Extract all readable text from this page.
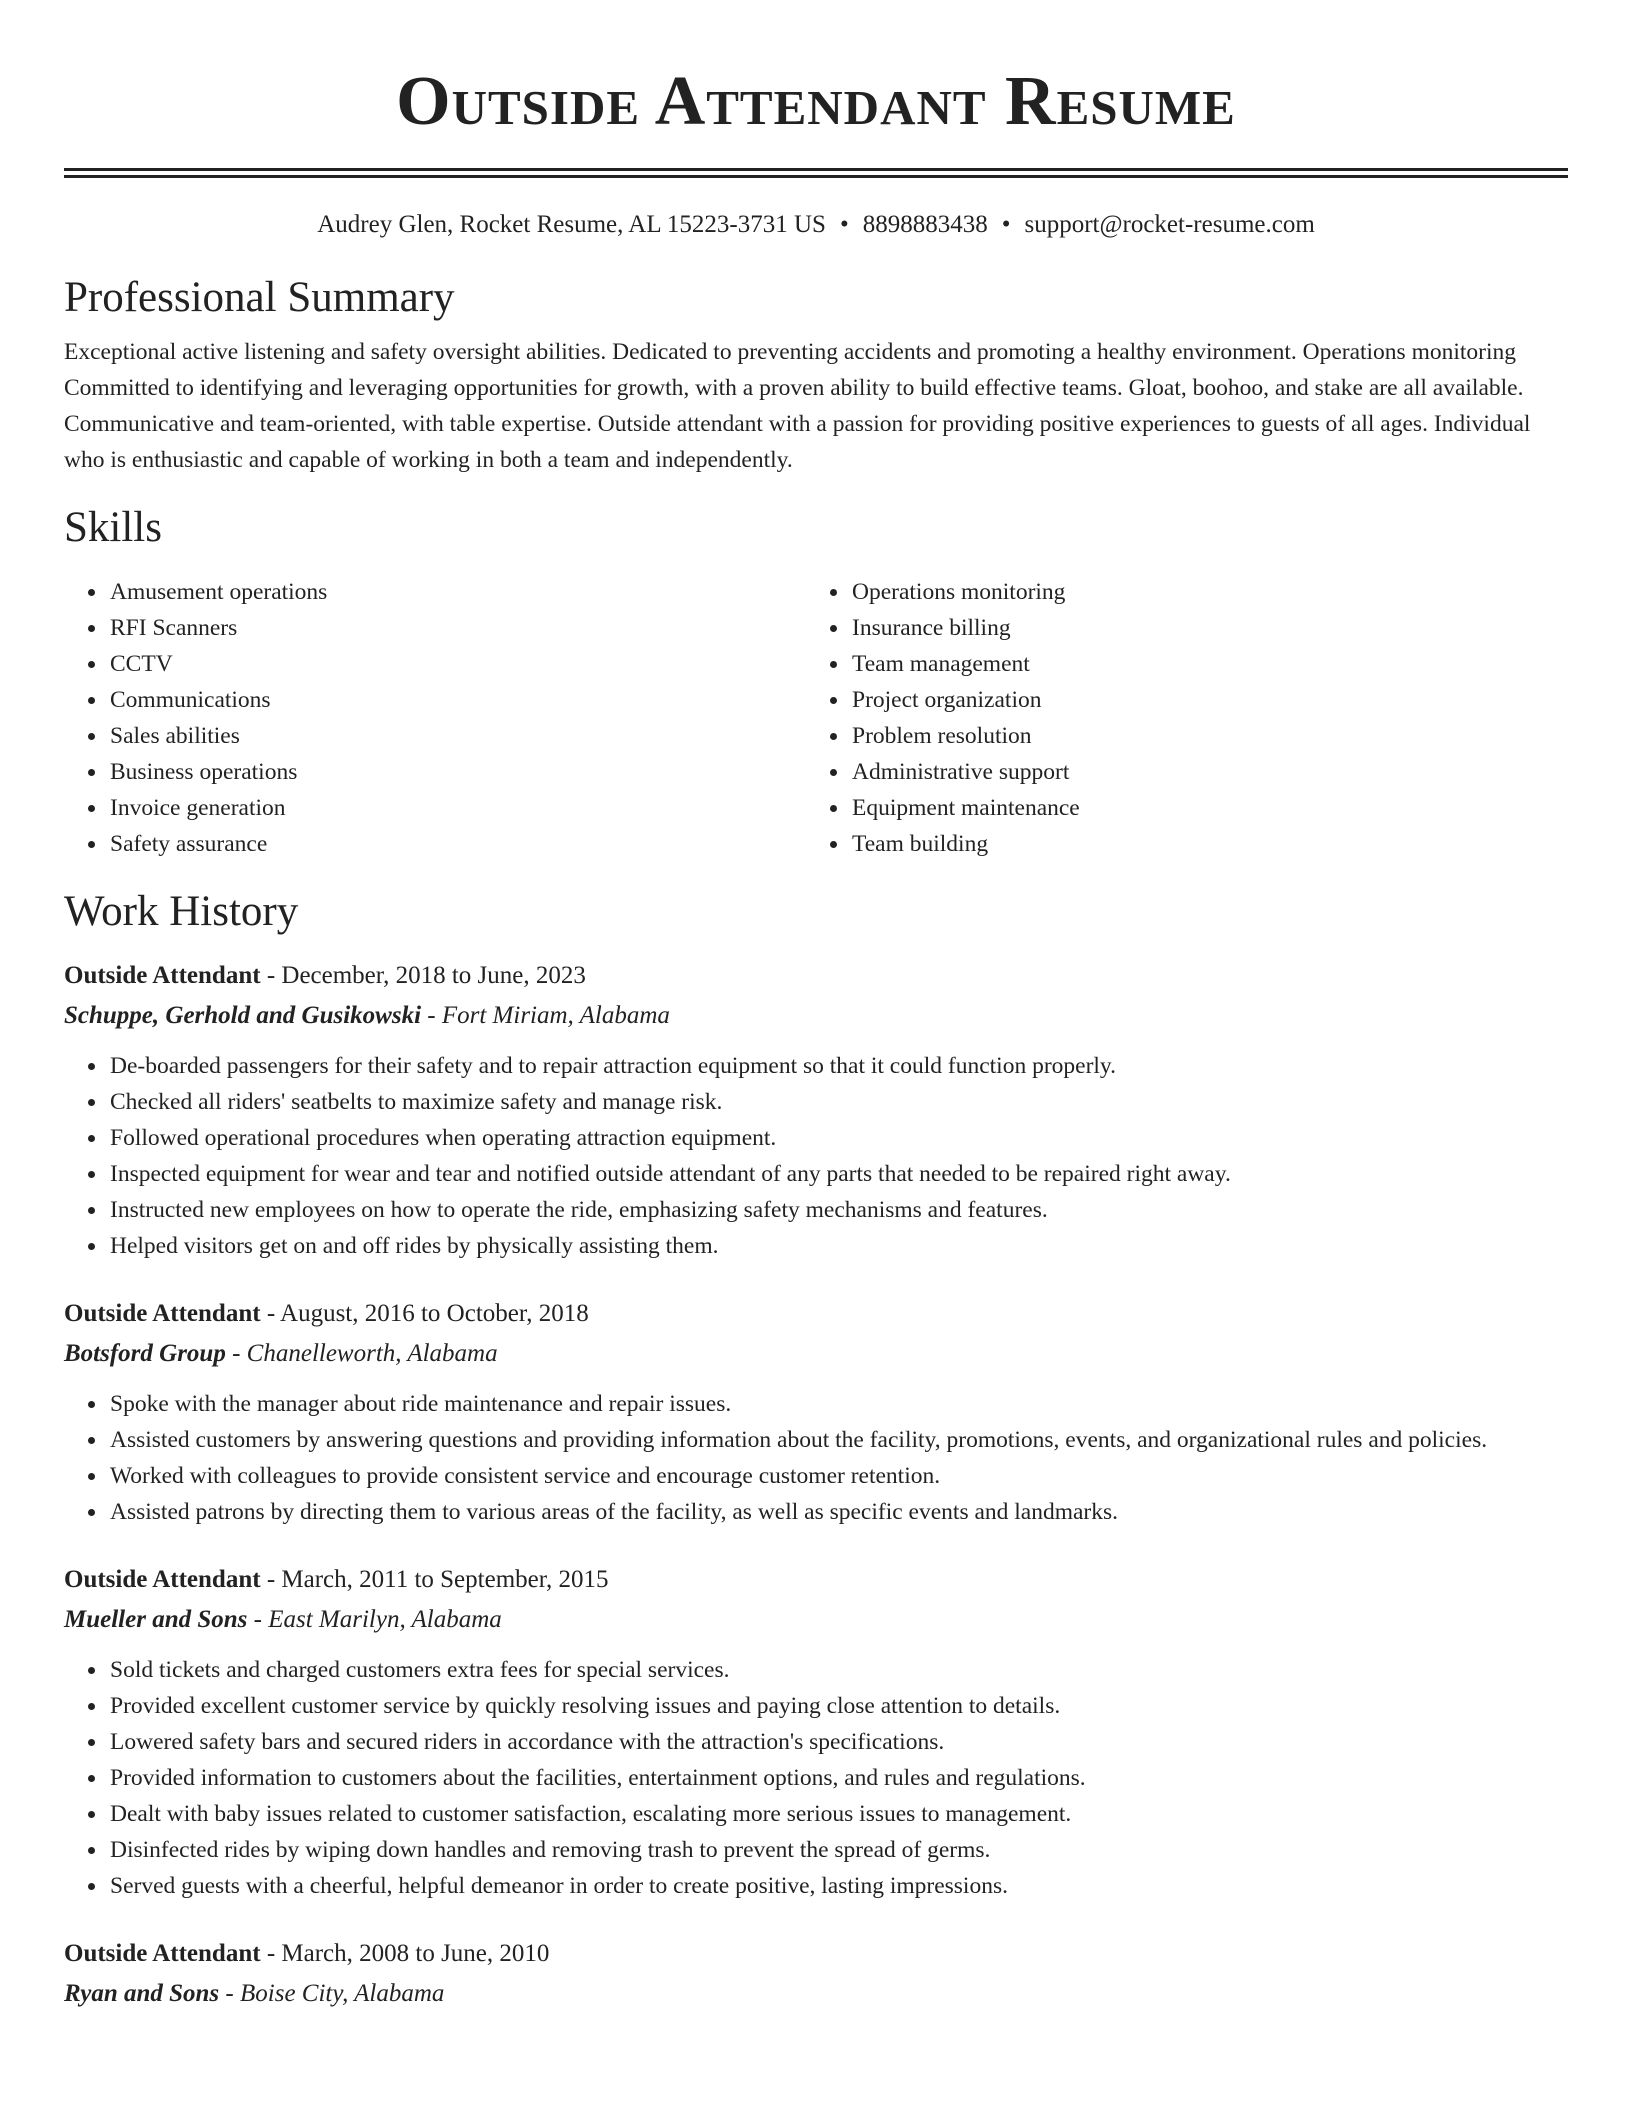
Outside Attendant Resume
Audrey Glen, Rocket Resume, AL 15223-3731 US • 8898883438 • support@rocket-resume.com
Professional Summary

Exceptional active listening and safety oversight abilities. Dedicated to preventing accidents and promoting a healthy environment. Operations monitoring Committed to identifying and leveraging opportunities for growth, with a proven ability to build effective teams. Gloat, boohoo, and stake are all available. Communicative and team-oriented, with table expertise. Outside attendant with a passion for providing positive experiences to guests of all ages. Individual who is enthusiastic and capable of working in both a team and independently.

Skills
• Amusement operations
• RFI Scanners
• CCTV
• Communications
• Sales abilities
• Business operations
• Invoice generation
• Safety assurance
• Operations monitoring
• Insurance billing
• Team management
• Project organization
• Problem resolution
• Administrative support
• Equipment maintenance
• Team building
Work History
Outside Attendant - December, 2018 to June, 2023
Schuppe, Gerhold and Gusikowski - Fort Miriam, Alabama
• De-boarded passengers for their safety and to repair attraction equipment so that it could function properly.
• Checked all riders' seatbelts to maximize safety and manage risk.
• Followed operational procedures when operating attraction equipment.
• Inspected equipment for wear and tear and notified outside attendant of any parts that needed to be repaired right away.
• Instructed new employees on how to operate the ride, emphasizing safety mechanisms and features.
• Helped visitors get on and off rides by physically assisting them.
Outside Attendant - August, 2016 to October, 2018
Botsford Group - Chanelleworth, Alabama
• Spoke with the manager about ride maintenance and repair issues.
• Assisted customers by answering questions and providing information about the facility, promotions, events, and organizational rules and policies.
• Worked with colleagues to provide consistent service and encourage customer retention.
• Assisted patrons by directing them to various areas of the facility, as well as specific events and landmarks.
Outside Attendant - March, 2011 to September, 2015
Mueller and Sons - East Marilyn, Alabama
• Sold tickets and charged customers extra fees for special services.
• Provided excellent customer service by quickly resolving issues and paying close attention to details.
• Lowered safety bars and secured riders in accordance with the attraction's specifications.
• Provided information to customers about the facilities, entertainment options, and rules and regulations.
• Dealt with baby issues related to customer satisfaction, escalating more serious issues to management.
• Disinfected rides by wiping down handles and removing trash to prevent the spread of germs.
• Served guests with a cheerful, helpful demeanor in order to create positive, lasting impressions.
Outside Attendant - March, 2008 to June, 2010
Ryan and Sons - Boise City, Alabama
